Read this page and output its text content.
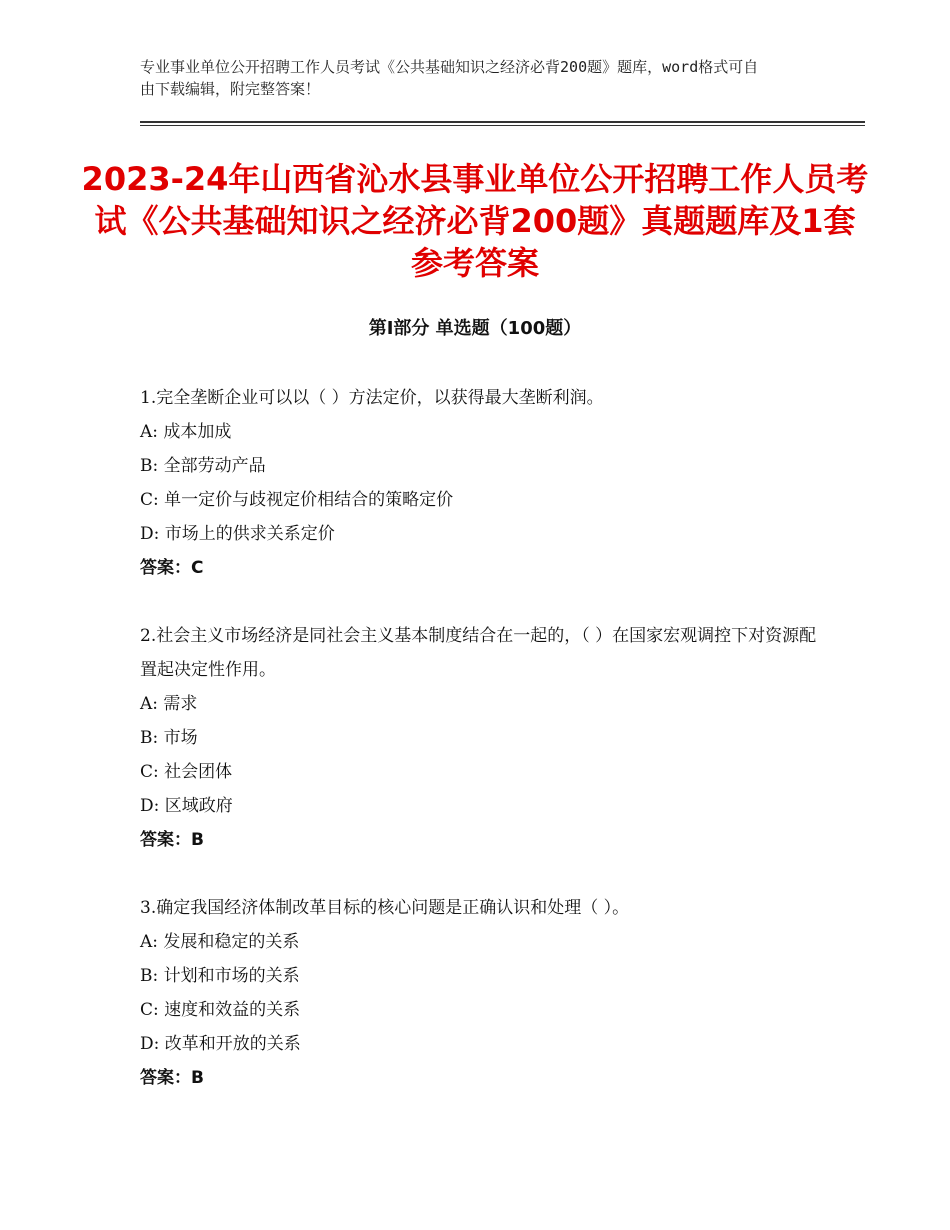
专业事业单位公开招聘工作人员考试《公共基础知识之经济必背200题》题库，word格式可自由下载编辑，附完整答案！
2023-24年山西省沁水县事业单位公开招聘工作人员考试《公共基础知识之经济必背200题》真题题库及1套参考答案
第Ⅰ部分 单选题（100题）
1.完全垄断企业可以以（ ）方法定价，以获得最大垄断利润。
A: 成本加成
B: 全部劳动产品
C: 单一定价与歧视定价相结合的策略定价
D: 市场上的供求关系定价
答案：C
2.社会主义市场经济是同社会主义基本制度结合在一起的，（ ）在国家宏观调控下对资源配置起决定性作用。
A: 需求
B: 市场
C: 社会团体
D: 区域政府
答案：B
3.确定我国经济体制改革目标的核心问题是正确认识和处理（ ）。
A: 发展和稳定的关系
B: 计划和市场的关系
C: 速度和效益的关系
D: 改革和开放的关系
答案：B
